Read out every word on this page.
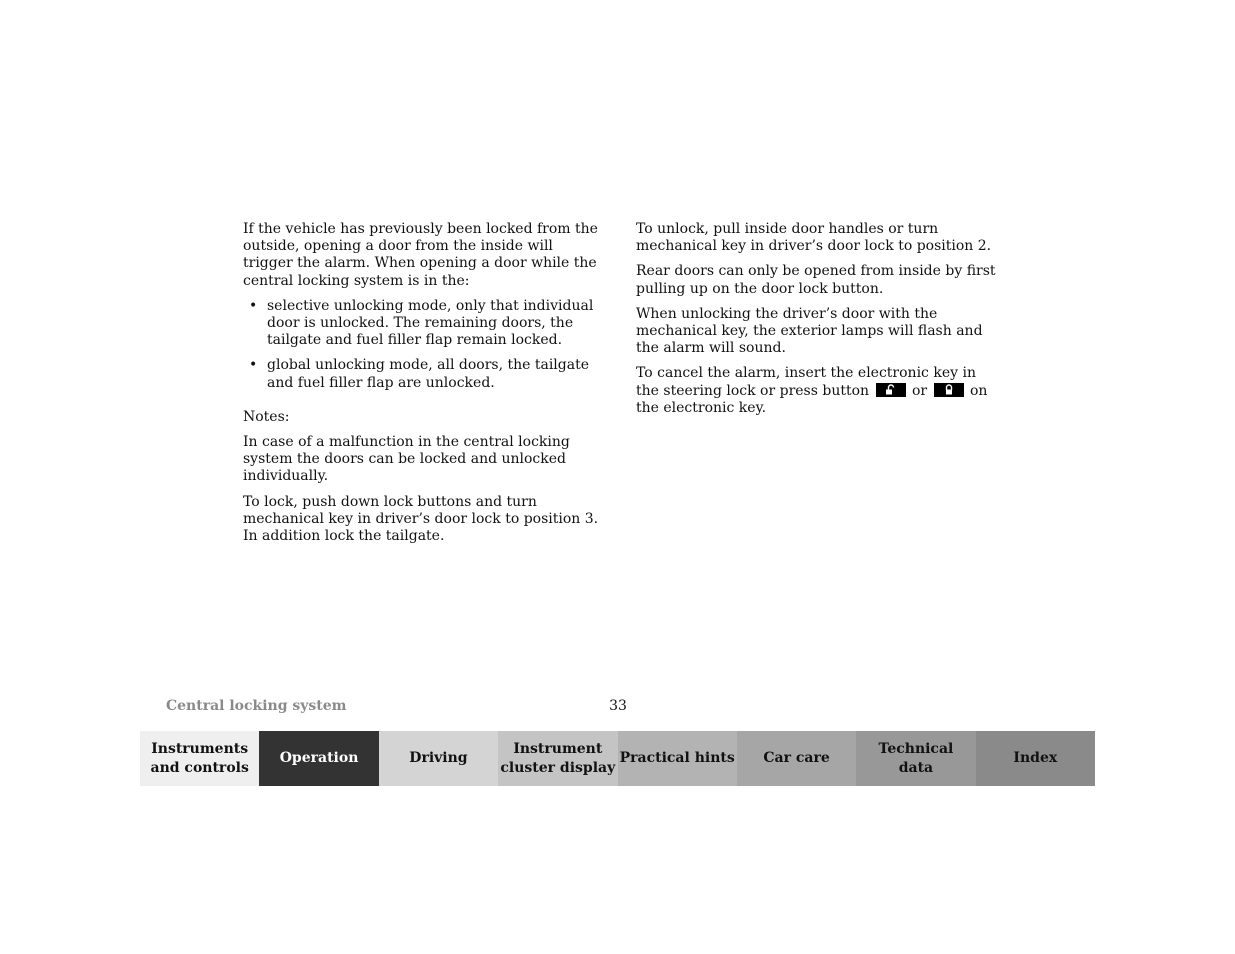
If the vehicle has previously been locked from the outside, opening a door from the inside will trigger the alarm. When opening a door while the central locking system is in the:

• selective unlocking mode, only that individual door is unlocked. The remaining doors, the tailgate and fuel filler flap remain locked.
• global unlocking mode, all doors, the tailgate and fuel filler flap are unlocked.

Notes:

In case of a malfunction in the central locking system the doors can be locked and unlocked individually.

To lock, push down lock buttons and turn mechanical key in driver’s door lock to position 3. In addition lock the tailgate.

To unlock, pull inside door handles or turn mechanical key in driver’s door lock to position 2.

Rear doors can only be opened from inside by first pulling up on the door lock button.

When unlocking the driver’s door with the mechanical key, the exterior lamps will flash and the alarm will sound.

To cancel the alarm, insert the electronic key in the steering lock or press button	or	on the electronic key.

Central locking system	33
Instruments
and controls
Operation	Driving
Instrument
cluster display
Practical hints	Car care
Technical
data
Index
